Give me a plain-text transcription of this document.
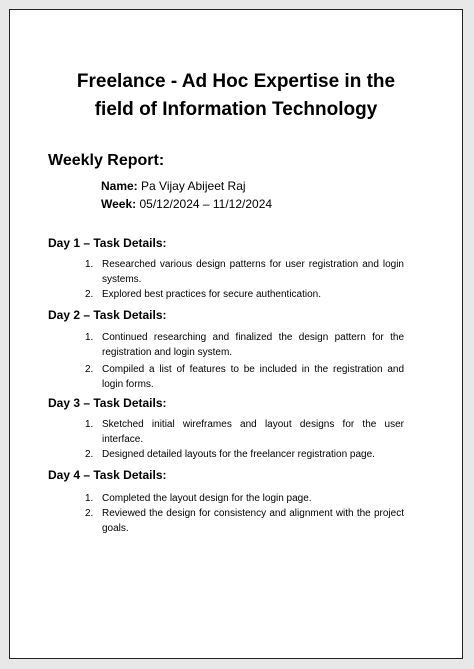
Freelance - Ad Hoc Expertise in the
field of Information Technology
Weekly Report:
Name: Pa Vijay Abijeet Raj
Week: 05/12/2024 – 11/12/2024
Day 1 – Task Details:
1. Researched various design patterns for user registration and login systems.
2. Explored best practices for secure authentication.
Day 2 – Task Details:
1. Continued researching and finalized the design pattern for the registration and login system.
2. Compiled a list of features to be included in the registration and login forms.
Day 3 – Task Details:
1. Sketched initial wireframes and layout designs for the user interface.
2. Designed detailed layouts for the freelancer registration page.
Day 4 – Task Details:
1. Completed the layout design for the login page.
2. Reviewed the design for consistency and alignment with the project goals.
